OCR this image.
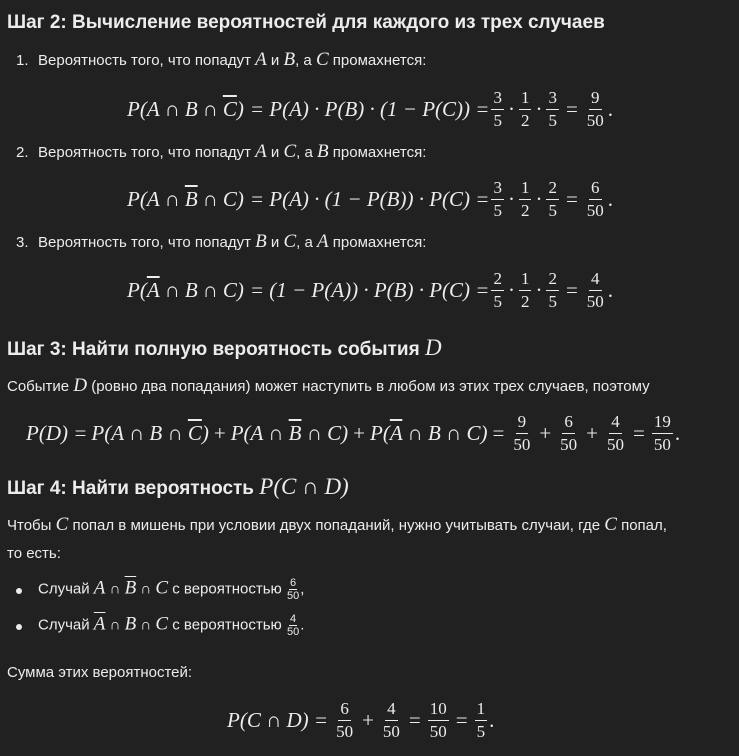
Шаг 2: Вычисление вероятностей для каждого из трех случаев
1. Вероятность того, что попадут A и B, а C промахнется:
P( A ∩ B ∩ $\overline{C}$ ) = $P(A) \cdot P(B) \cdot (1 - P(C)) = \frac{3}{5} \cdot \frac{1}{2} \cdot \frac{3}{5} = \frac{9}{50}$ .
2. Вероятность того, что попадут A и C, а B промахнется:
P( A ∩ $\overline{B}$ ∩ C ) = $P(A) \cdot (1 - P(B)) \cdot P(C) = \frac{3}{5} \cdot \frac{1}{2} \cdot \frac{2}{5} = \frac{6}{50}$ .
3. Вероятность того, что попадут B и C, а A промахнется:
P( $\overline{A}$ ∩ B ∩ C ) = $(1 - P(A)) \cdot P(B) \cdot P(C) = \frac{2}{5} \cdot \frac{1}{2} \cdot \frac{2}{5} = \frac{4}{50}$ .
Шаг 3: Найти полную вероятность события D
Событие D (ровно два попадания) может наступить в любом из этих трех случаев, поэтому
P(D) = P(A ∩ B ∩ $\overline{C}) + P(A$ ∩ $\overline{B}$ ∩ $C) + P(\overline{A}$ ∩ B ∩ $C) = \frac{9}{50} + \frac{6}{50} + \frac{4}{50} = \frac{19}{50}$ .
Шаг 4: Найти вероятность P(C ∩ D)
Чтобы C попал в мишень при условии двух попаданий, нужно учитывать случаи, где C попал,
то есть:
Случай A ∩ $\overline{B}$ ∩ C с вероятностью $\frac{6}{50}$ ,
Случай $\overline{A}$ ∩ B ∩ C с вероятностью $\frac{4}{50}$ .
Сумма этих вероятностей:
P(C ∩ $D) = \frac{6}{50} + \frac{4}{50} = \frac{10}{50} = \frac{1}{5}$ .
